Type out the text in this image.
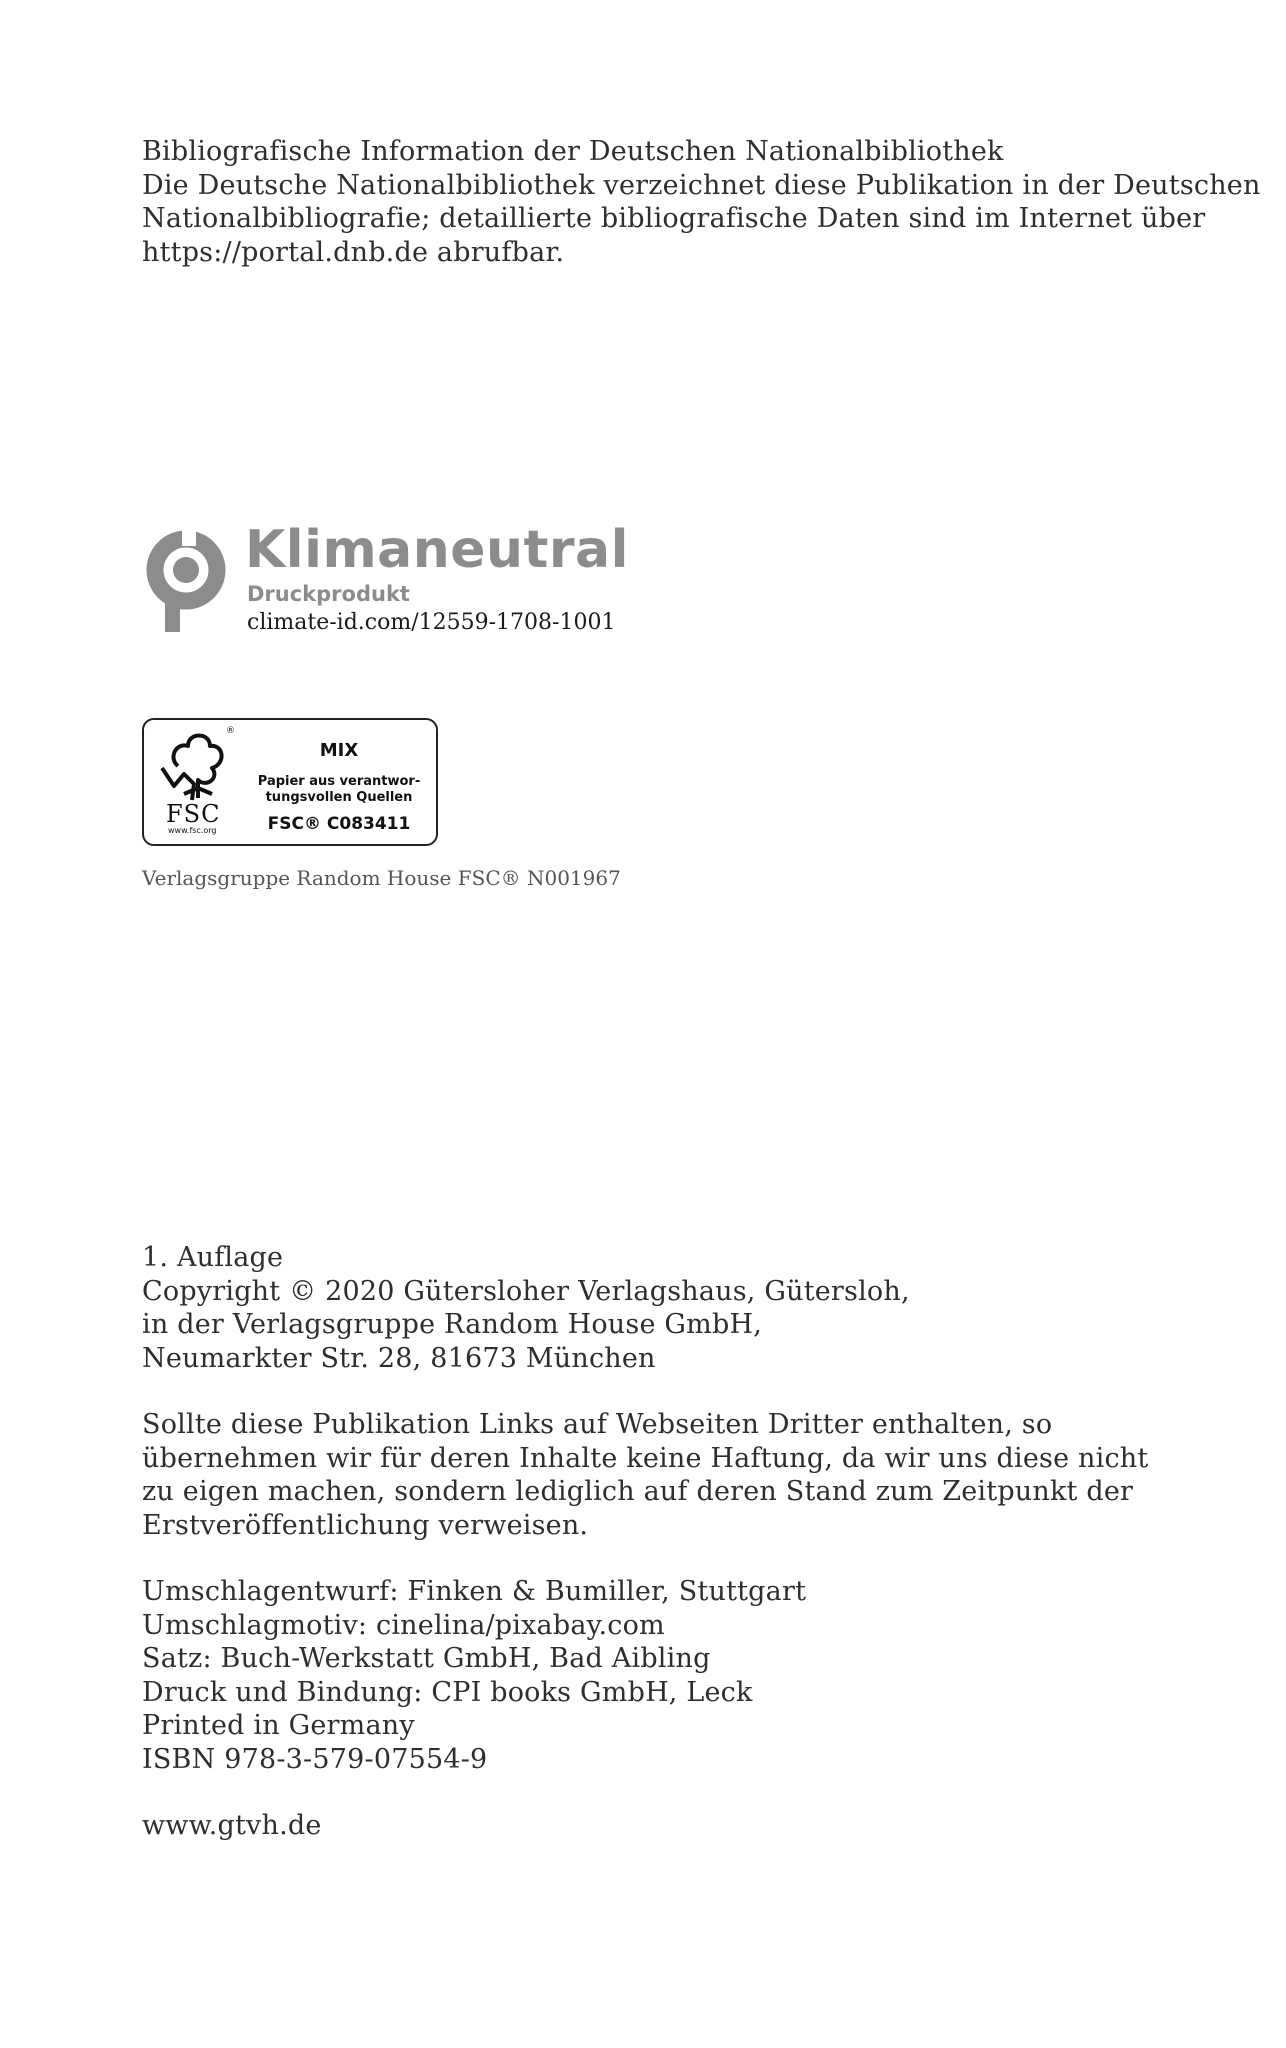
Bibliografische Information der Deutschen Nationalbibliothek
Die Deutsche Nationalbibliothek verzeichnet diese Publikation in der Deutschen
Nationalbibliografie; detaillierte bibliografische Daten sind im Internet über
https://portal.dnb.de abrufbar.
Klimaneutral
Druckprodukt
climate-id.com/12559-1708-1001
®
FSC
www.fsc.org
MIX
Papier aus verantwor-
tungsvollen Quellen
FSC® C083411
Verlagsgruppe Random House FSC® N001967
1. Auflage
Copyright © 2020 Gütersloher Verlagshaus, Gütersloh,
in der Verlagsgruppe Random House GmbH,
Neumarkter Str. 28, 81673 München
Sollte diese Publikation Links auf Webseiten Dritter enthalten, so
übernehmen wir für deren Inhalte keine Haftung, da wir uns diese nicht
zu eigen machen, sondern lediglich auf deren Stand zum Zeitpunkt der
Erstveröffentlichung verweisen.
Umschlagentwurf: Finken & Bumiller, Stuttgart
Umschlagmotiv: cinelina/pixabay.com
Satz: Buch-Werkstatt GmbH, Bad Aibling
Druck und Bindung: CPI books GmbH, Leck
Printed in Germany
ISBN 978-3-579-07554-9
www.gtvh.de
